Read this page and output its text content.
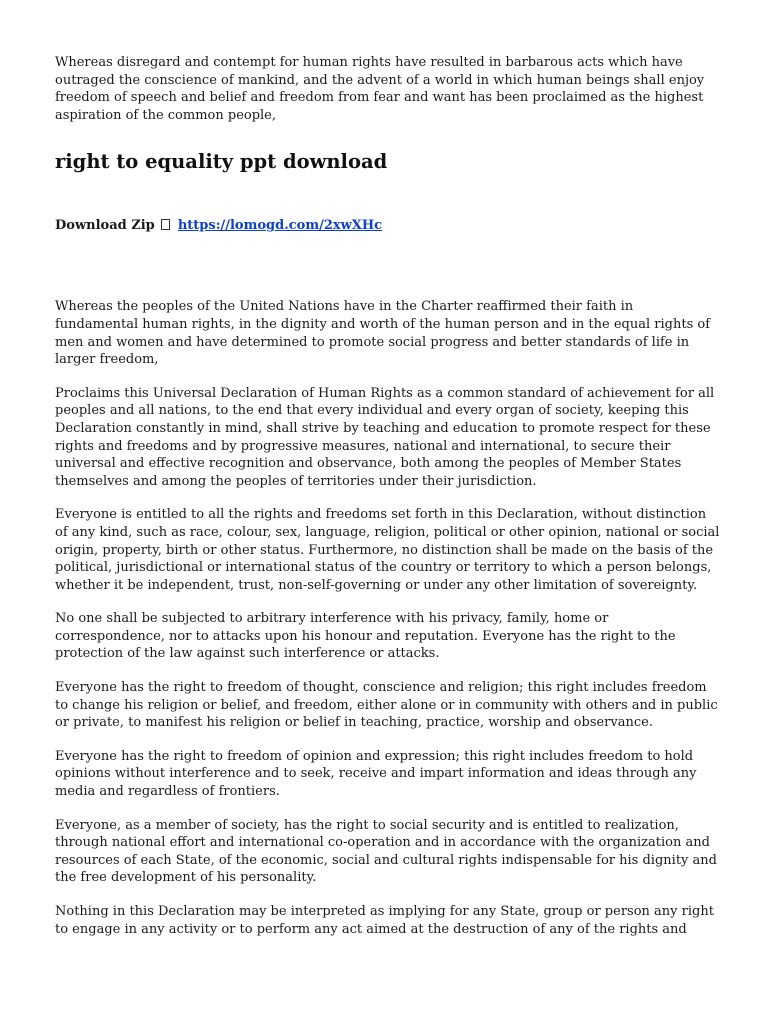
Whereas disregard and contempt for human rights have resulted in barbarous acts which have outraged the conscience of mankind, and the advent of a world in which human beings shall enjoy freedom of speech and belief and freedom from fear and want has been proclaimed as the highest aspiration of the common people,

right to equality ppt download
Download Zip https://lomogd.com/2xwXHc

Whereas the peoples of the United Nations have in the Charter reaffirmed their faith in fundamental human rights, in the dignity and worth of the human person and in the equal rights of men and women and have determined to promote social progress and better standards of life in larger freedom,

Proclaims this Universal Declaration of Human Rights as a common standard of achievement for all peoples and all nations, to the end that every individual and every organ of society, keeping this Declaration constantly in mind, shall strive by teaching and education to promote respect for these rights and freedoms and by progressive measures, national and international, to secure their universal and effective recognition and observance, both among the peoples of Member States themselves and among the peoples of territories under their jurisdiction.

Everyone is entitled to all the rights and freedoms set forth in this Declaration, without distinction of any kind, such as race, colour, sex, language, religion, political or other opinion, national or social origin, property, birth or other status. Furthermore, no distinction shall be made on the basis of the political, jurisdictional or international status of the country or territory to which a person belongs, whether it be independent, trust, non-self-governing or under any other limitation of sovereignty.

No one shall be subjected to arbitrary interference with his privacy, family, home or correspondence, nor to attacks upon his honour and reputation. Everyone has the right to the protection of the law against such interference or attacks.

Everyone has the right to freedom of thought, conscience and religion; this right includes freedom to change his religion or belief, and freedom, either alone or in community with others and in public or private, to manifest his religion or belief in teaching, practice, worship and observance.

Everyone has the right to freedom of opinion and expression; this right includes freedom to hold opinions without interference and to seek, receive and impart information and ideas through any media and regardless of frontiers.

Everyone, as a member of society, has the right to social security and is entitled to realization, through national effort and international co-operation and in accordance with the organization and resources of each State, of the economic, social and cultural rights indispensable for his dignity and the free development of his personality.

Nothing in this Declaration may be interpreted as implying for any State, group or person any right to engage in any activity or to perform any act aimed at the destruction of any of the rights and
